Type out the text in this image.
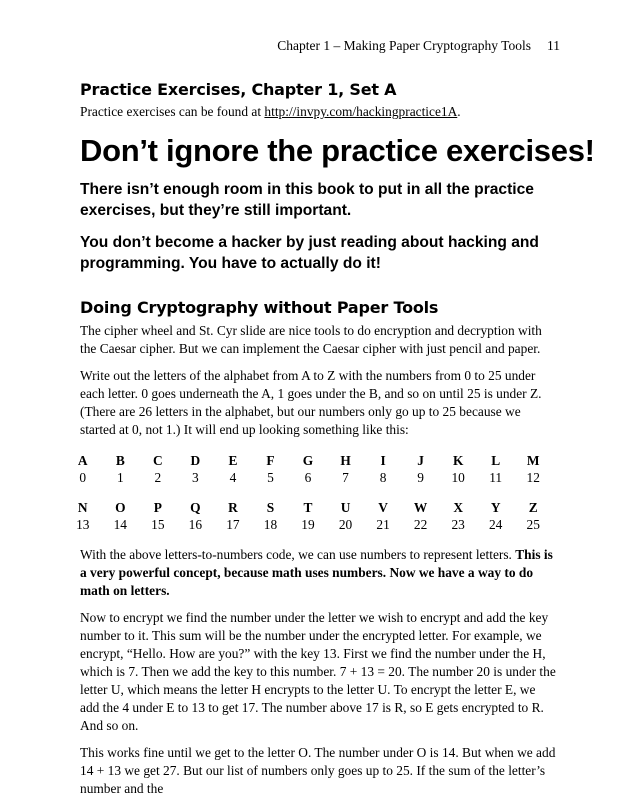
Chapter 1 – Making Paper Cryptography Tools 11
Practice Exercises, Chapter 1, Set A

Practice exercises can be found at http://invpy.com/hackingpractice1A.

Don’t ignore the practice exercises!

There isn’t enough room in this book to put in all the practice exercises, but they’re still important.

You don’t become a hacker by just reading about hacking and programming. You have to actually do it!

Doing Cryptography without Paper Tools

The cipher wheel and St. Cyr slide are nice tools to do encryption and decryption with the Caesar cipher. But we can implement the Caesar cipher with just pencil and paper.

Write out the letters of the alphabet from A to Z with the numbers from 0 to 25 under each letter. 0 goes underneath the A, 1 goes under the B, and so on until 25 is under Z. (There are 26 letters in the alphabet, but our numbers only go up to 25 because we started at 0, not 1.) It will end up looking something like this:

A	B	C	D	E	F	G	H	I	J	K	L	M
0	1	2	3	4	5	6	7	8	9	10	11	12
N	O	P	Q	R	S	T	U	V	W	X	Y	Z
13	14	15	16	17	18	19	20	21	22	23	24	25

With the above letters-to-numbers code, we can use numbers to represent letters. This is a very powerful concept, because math uses numbers. Now we have a way to do math on letters.

Now to encrypt we find the number under the letter we wish to encrypt and add the key number to it. This sum will be the number under the encrypted letter. For example, we encrypt, “Hello. How are you?” with the key 13. First we find the number under the H, which is 7. Then we add the key to this number. 7 + 13 = 20. The number 20 is under the letter U, which means the letter H encrypts to the letter U. To encrypt the letter E, we add the 4 under E to 13 to get 17. The number above 17 is R, so E gets encrypted to R. And so on.

This works fine until we get to the letter O. The number under O is 14. But when we add 14 + 13 we get 27. But our list of numbers only goes up to 25. If the sum of the letter’s number and the
